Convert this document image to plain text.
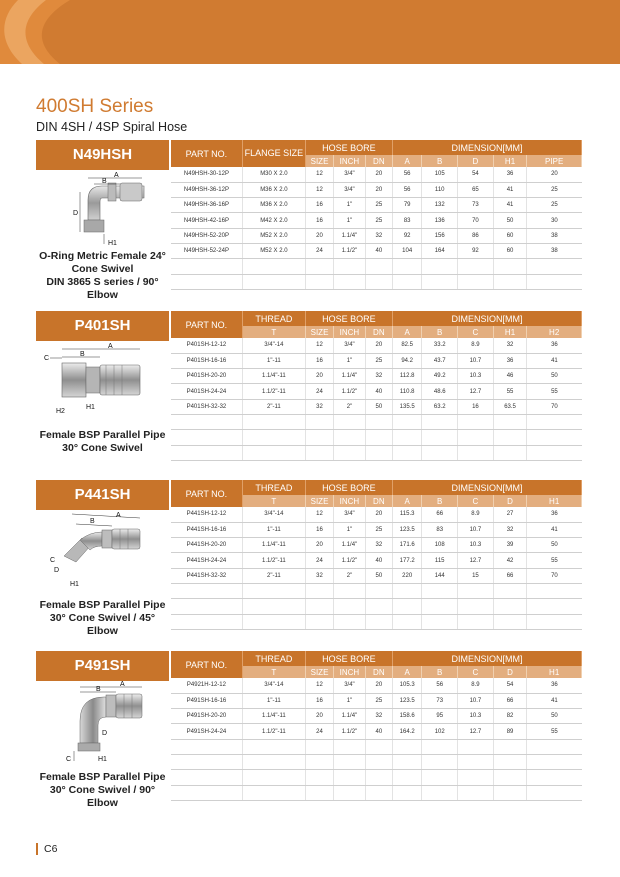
400SH Series
DIN 4SH / 4SP Spiral Hose
N49HSH
A
B
D
H1
O-Ring Metric Female 24°
Cone Swivel
DIN 3865 S series / 90° Elbow
PART NO.	FLANGE SIZE	HOSE BORE			DIMENSION[MM]				
		SIZE	INCH	DN	A	B	D	H1	PIPE
N49HSH-30-12P	M30 X 2.0	12	3/4"	20	56	105	54	36	20
N49HSH-36-12P	M36 X 2.0	12	3/4"	20	56	110	65	41	25
N49HSH-36-16P	M36 X 2.0	16	1"	25	79	132	73	41	25
N49HSH-42-16P	M42 X 2.0	16	1"	25	83	136	70	50	30
N49HSH-52-20P	M52 X 2.0	20	1.1/4"	32	92	156	86	60	38
N49HSH-52-24P	M52 X 2.0	24	1.1/2"	40	104	164	92	60	38

P401SH
A
B
C
H2
H1
Female BSP Parallel Pipe
30° Cone Swivel
PART NO.	THREAD	HOSE BORE			DIMENSION[MM]				
	T	SIZE	INCH	DN	A	B	C	H1	H2
P401SH-12-12	3/4"-14	12	3/4"	20	82.5	33.2	8.9	32	36
P401SH-16-16	1"-11	16	1"	25	94.2	43.7	10.7	36	41
P401SH-20-20	1.1/4"-11	20	1.1/4"	32	112.8	49.2	10.3	46	50
P401SH-24-24	1.1/2"-11	24	1.1/2"	40	110.8	48.6	12.7	55	55
P401SH-32-32	2"-11	32	2"	50	135.5	63.2	16	63.5	70

P441SH
A
B
C
D
H1
Female BSP Parallel Pipe
30° Cone Swivel / 45° Elbow
PART NO.	THREAD	HOSE BORE			DIMENSION[MM]				
	T	SIZE	INCH	DN	A	B	C	D	H1
P441SH-12-12	3/4"-14	12	3/4"	20	115.3	66	8.9	27	36
P441SH-16-16	1"-11	16	1"	25	123.5	83	10.7	32	41
P441SH-20-20	1.1/4"-11	20	1.1/4"	32	171.6	108	10.3	39	50
P441SH-24-24	1.1/2"-11	24	1.1/2"	40	177.2	115	12.7	42	55
P441SH-32-32	2"-11	32	2"	50	220	144	15	66	70

P491SH
A
B
D
C	H1
Female BSP Parallel Pipe
30° Cone Swivel / 90° Elbow
PART NO.	THREAD	HOSE BORE			DIMENSION[MM]				
	T	SIZE	INCH	DN	A	B	C	D	H1
P4921H-12-12	3/4"-14	12	3/4"	20	105.3	56	8.9	54	36
P491SH-16-16	1"-11	16	1"	25	123.5	73	10.7	66	41
P491SH-20-20	1.1/4"-11	20	1.1/4"	32	158.6	95	10.3	82	50
P491SH-24-24	1.1/2"-11	24	1.1/2"	40	164.2	102	12.7	89	55

C6
